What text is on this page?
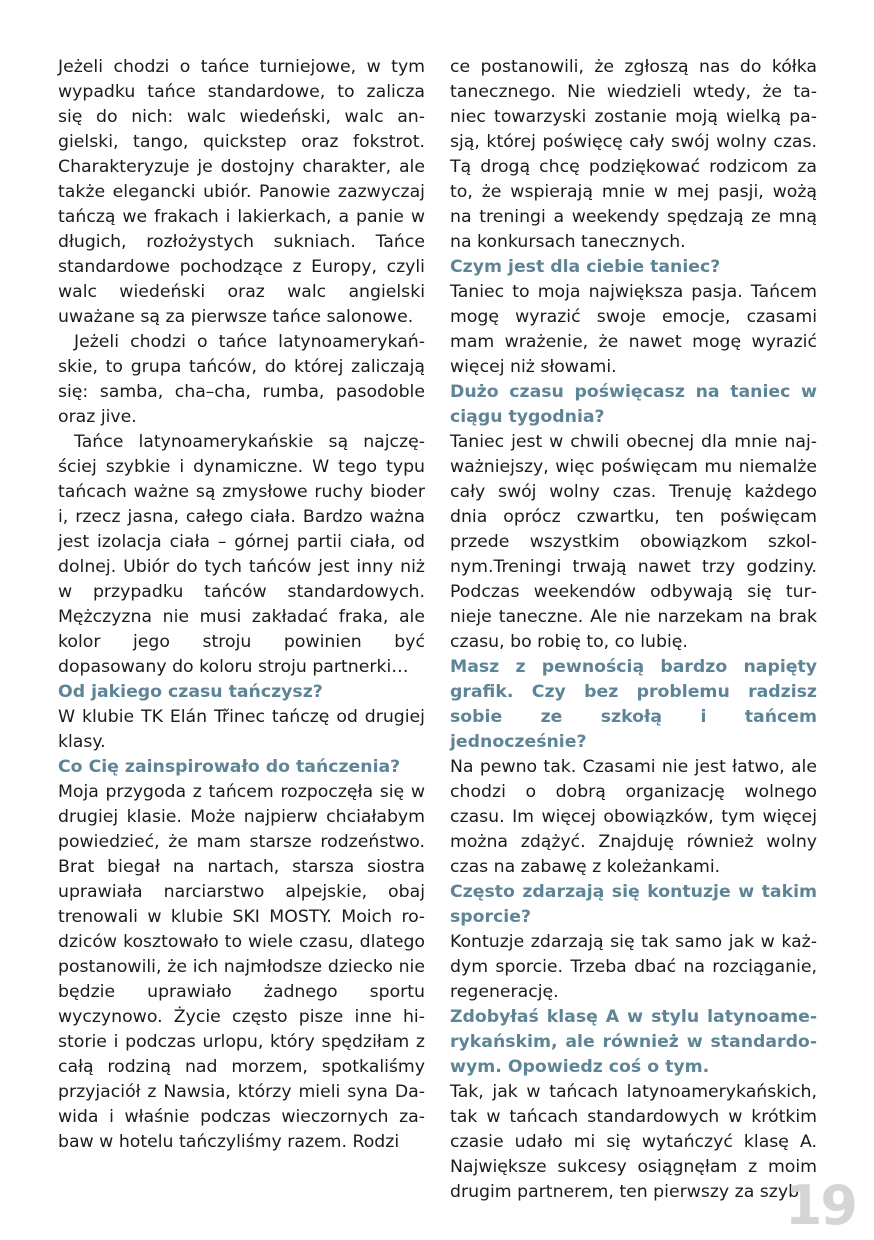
Jeżeli chodzi o tańce turniejowe, w tym wypadku tańce standardowe, to zalicza się do nich: walc wiedeński, walc angielski, tango, quickstep oraz fokstrot. Charakteryzuje je dostojny charakter, ale także elegancki ubiór. Panowie zazwyczaj tańczą we frakach i lakierkach, a panie w długich, rozłożystych sukniach. Tańce standardowe pochodzące z Europy, czyli walc wiedeński oraz walc angielski uważane są za pierwsze tańce salonowe.

Jeżeli chodzi o tańce latynoamerykańskie, to grupa tańców, do której zaliczają się: samba, cha–cha, rumba, pasodoble oraz jive.

Tańce latynoamerykańskie są najczęściej szybkie i dynamiczne. W tego typu tańcach ważne są zmysłowe ruchy bioder i, rzecz jasna, całego ciała. Bardzo ważna jest izolacja ciała – górnej partii ciała, od dolnej. Ubiór do tych tańców jest inny niż w przypadku tańców standardowych. Mężczyzna nie musi zakładać fraka, ale kolor jego stroju powinien być dopasowany do koloru stroju partnerki…

Od jakiego czasu tańczysz?

W klubie TK Elán Třinec tańczę od drugiej klasy.

Co Cię zainspirowało do tańczenia?

Moja przygoda z tańcem rozpoczęła się w drugiej klasie. Może najpierw chciałabym powiedzieć, że mam starsze rodzeństwo. Brat biegał na nartach, starsza siostra uprawiała narciarstwo alpejskie, obaj trenowali w klubie SKI MOSTY. Moich rodziców kosztowało to wiele czasu, dlatego postanowili, że ich najmłodsze dziecko nie będzie uprawiało żadnego sportu wyczynowo. Życie często pisze inne historie i podczas urlopu, który spędziłam z całą rodziną nad morzem, spotkaliśmy przyjaciół z Nawsia, którzy mieli syna Dawida i właśnie podczas wieczornych zabaw w hotelu tańczyliśmy razem. Rodzi

ce postanowili, że zgłoszą nas do kółka tanecznego. Nie wiedzieli wtedy, że taniec towarzyski zostanie moją wielką pasją, której poświęcę cały swój wolny czas. Tą drogą chcę podziękować rodzicom za to, że wspierają mnie w mej pasji, wożą na treningi a weekendy spędzają ze mną na konkursach tanecznych.

Czym jest dla ciebie taniec?

Taniec to moja największa pasja. Tańcem mogę wyrazić swoje emocje, czasami mam wrażenie, że nawet mogę wyrazić więcej niż słowami.

Dużo czasu poświęcasz na taniec w ciągu tygodnia?

Taniec jest w chwili obecnej dla mnie najważniejszy, więc poświęcam mu niemalże cały swój wolny czas. Trenuję każdego dnia oprócz czwartku, ten poświęcam przede wszystkim obowiązkom szkolnym.Treningi trwają nawet trzy godziny. Podczas weekendów odbywają się turnieje taneczne. Ale nie narzekam na brak czasu, bo robię to, co lubię.

Masz z pewnością bardzo napięty grafik. Czy bez problemu radzisz sobie ze szkołą i tańcem jednocześnie?

Na pewno tak. Czasami nie jest łatwo, ale chodzi o dobrą organizację wolnego czasu. Im więcej obowiązków, tym więcej można zdążyć. Znajduję również wolny czas na zabawę z koleżankami.

Często zdarzają się kontuzje w takim sporcie?

Kontuzje zdarzają się tak samo jak w każdym sporcie. Trzeba dbać na rozciąganie, regenerację.

Zdobyłaś klasę A w stylu latynoamerykańskim, ale również w standardowym. Opowiedz coś o tym.

Tak, jak w tańcach latynoamerykańskich, tak w tańcach standardowych w krótkim czasie udało mi się wytańczyć klasę A. Największe sukcesy osiągnęłam z moim drugim partnerem, ten pierwszy za szyb

19
